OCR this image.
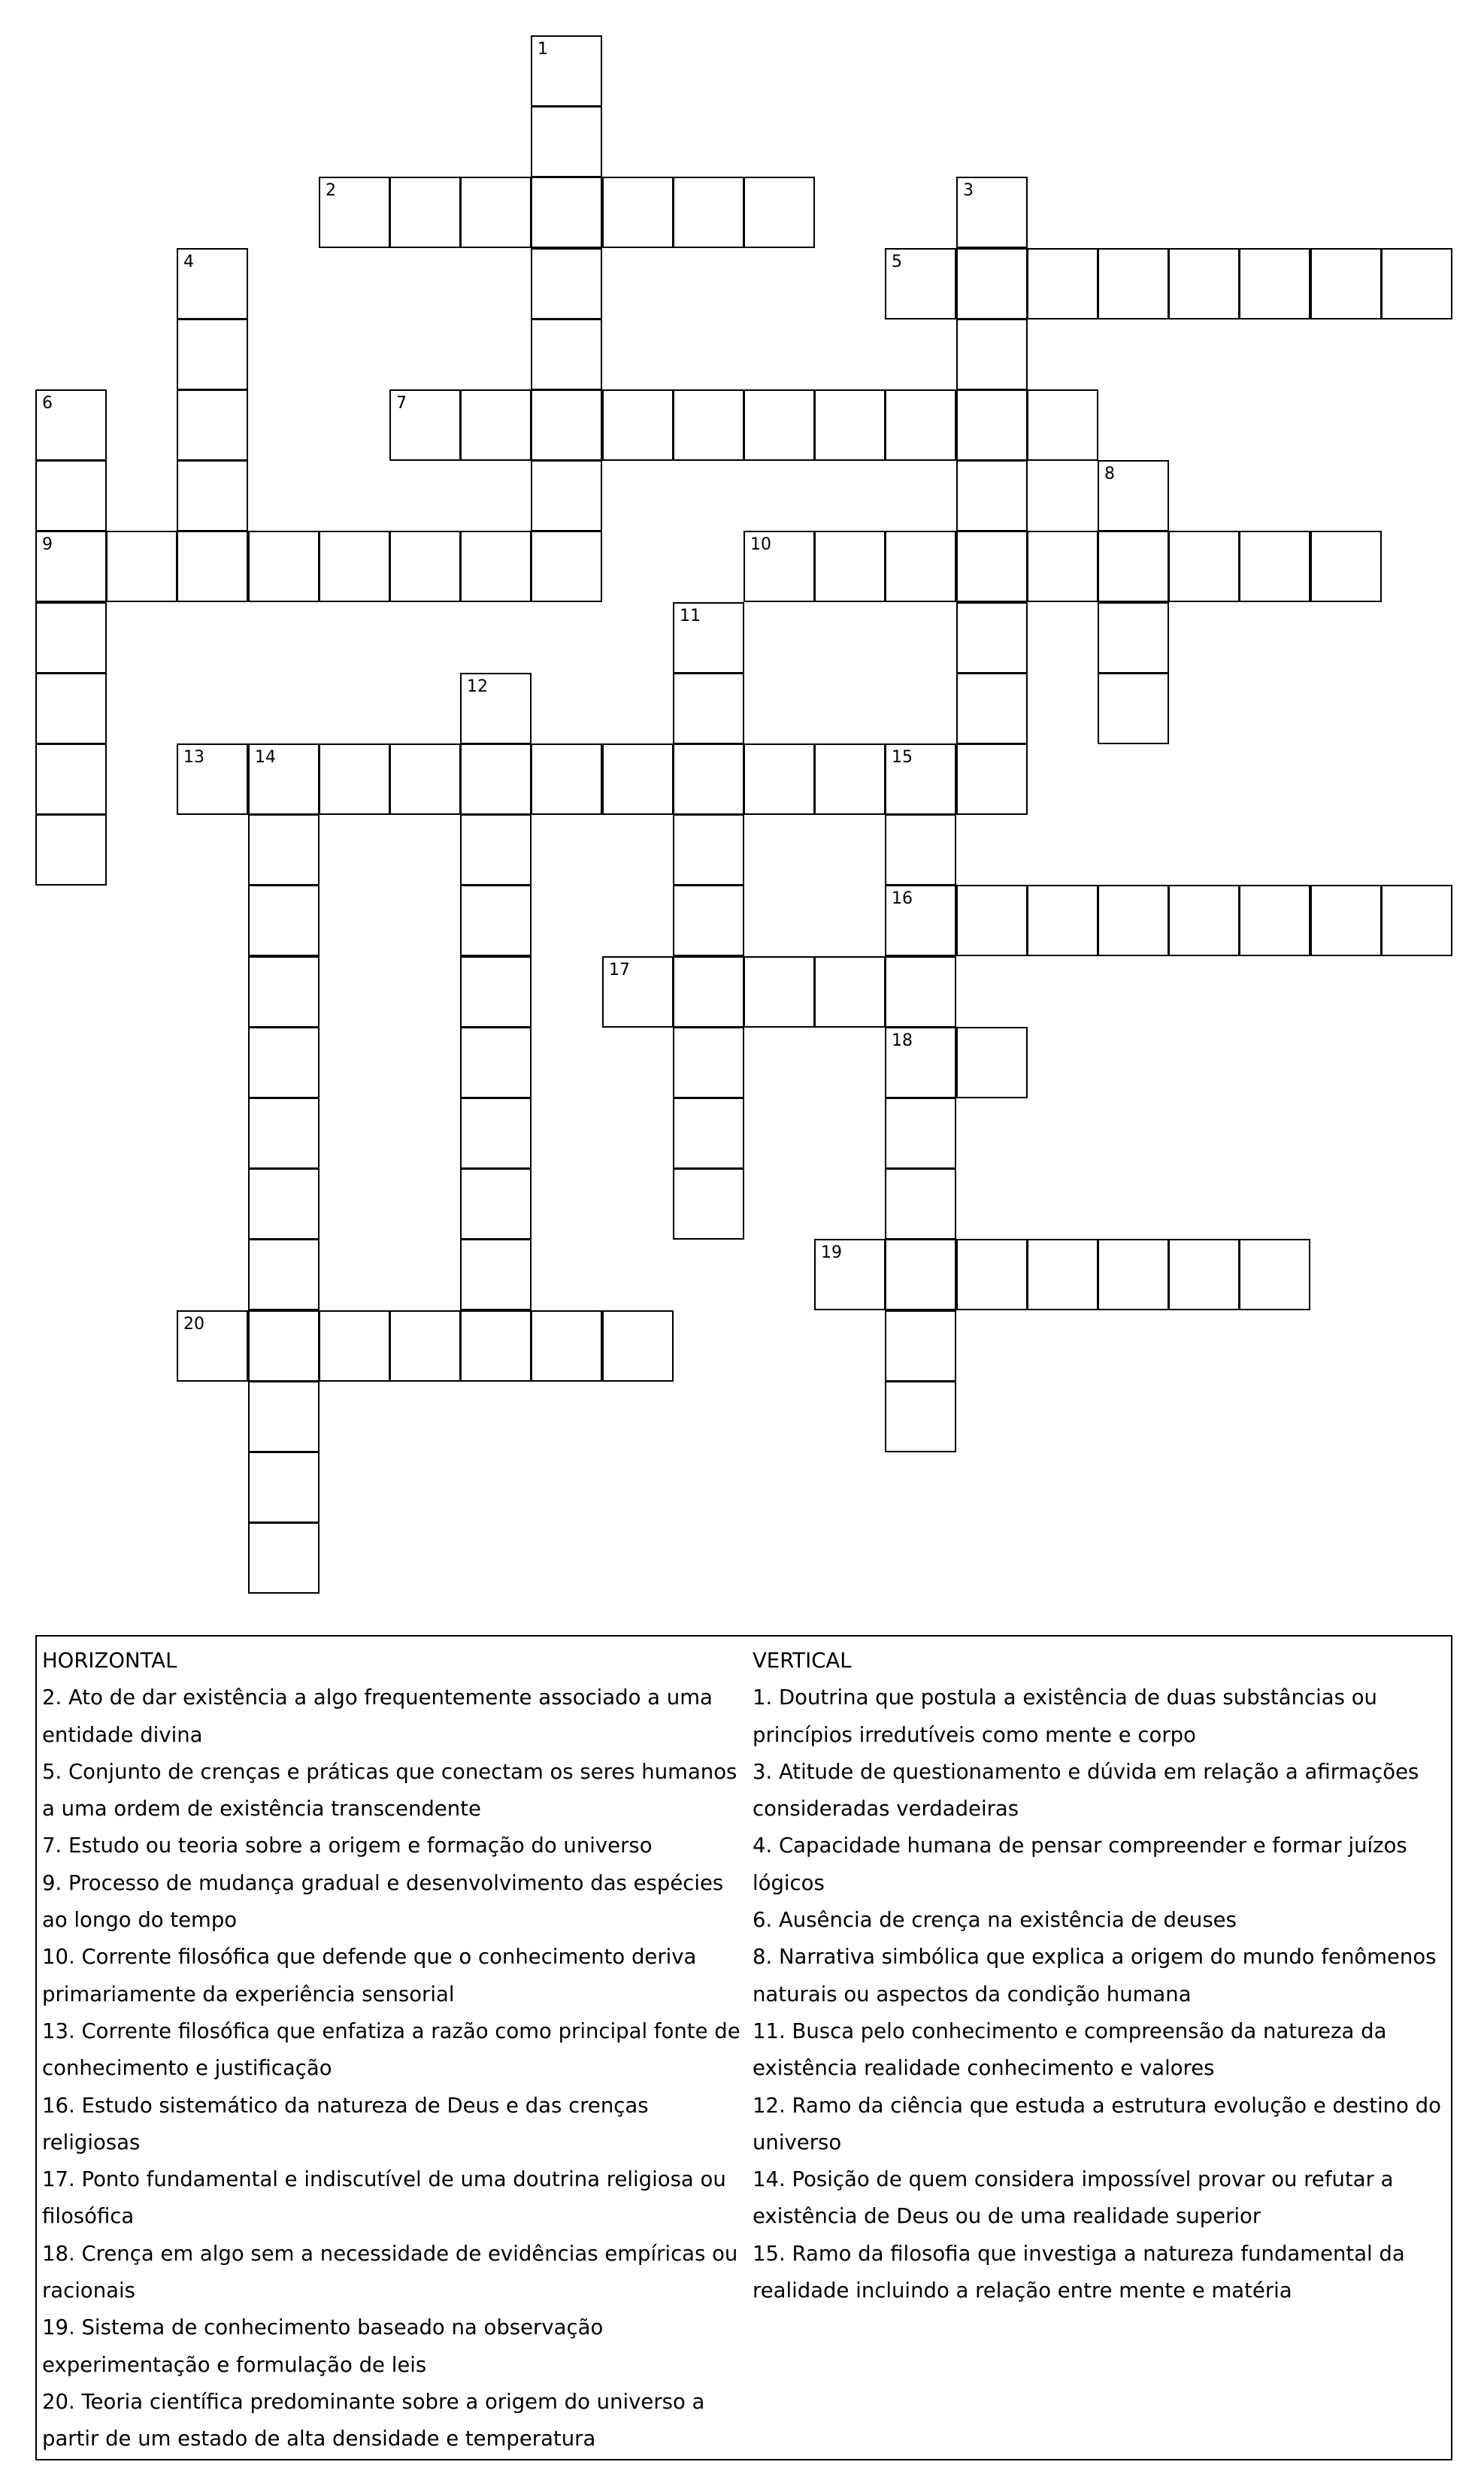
1
2	3
4	5
6
9
7
8
10
11
12
13	14	15
16
18
17
19
20

HORIZONTAL

2. Ato de dar existência a algo frequentemente associado a uma entidade divina

5. Conjunto de crenças e práticas que conectam os seres humanos a uma ordem de existência transcendente

7. Estudo ou teoria sobre a origem e formação do universo

9. Processo de mudança gradual e desenvolvimento das espécies ao longo do tempo

10. Corrente filosófica que defende que o conhecimento deriva primariamente da experiência sensorial

13. Corrente filosófica que enfatiza a razão como principal fonte de conhecimento e justificação

16. Estudo sistemático da natureza de Deus e das crenças religiosas

17. Ponto fundamental e indiscutível de uma doutrina religiosa ou filosófica

18. Crença em algo sem a necessidade de evidências empíricas ou racionais

19. Sistema de conhecimento baseado na observação experimentação e formulação de leis

20. Teoria científica predominante sobre a origem do universo a partir de um estado de alta densidade e temperatura

VERTICAL

1. Doutrina que postula a existência de duas substâncias ou princípios irredutíveis como mente e corpo

3. Atitude de questionamento e dúvida em relação a afirmações consideradas verdadeiras

4. Capacidade humana de pensar compreender e formar juízos lógicos

6. Ausência de crença na existência de deuses

8. Narrativa simbólica que explica a origem do mundo fenômenos naturais ou aspectos da condição humana

11. Busca pelo conhecimento e compreensão da natureza da existência realidade conhecimento e valores

12. Ramo da ciência que estuda a estrutura evolução e destino do universo

14. Posição de quem considera impossível provar ou refutar a existência de Deus ou de uma realidade superior

15. Ramo da filosofia que investiga a natureza fundamental da realidade incluindo a relação entre mente e matéria
